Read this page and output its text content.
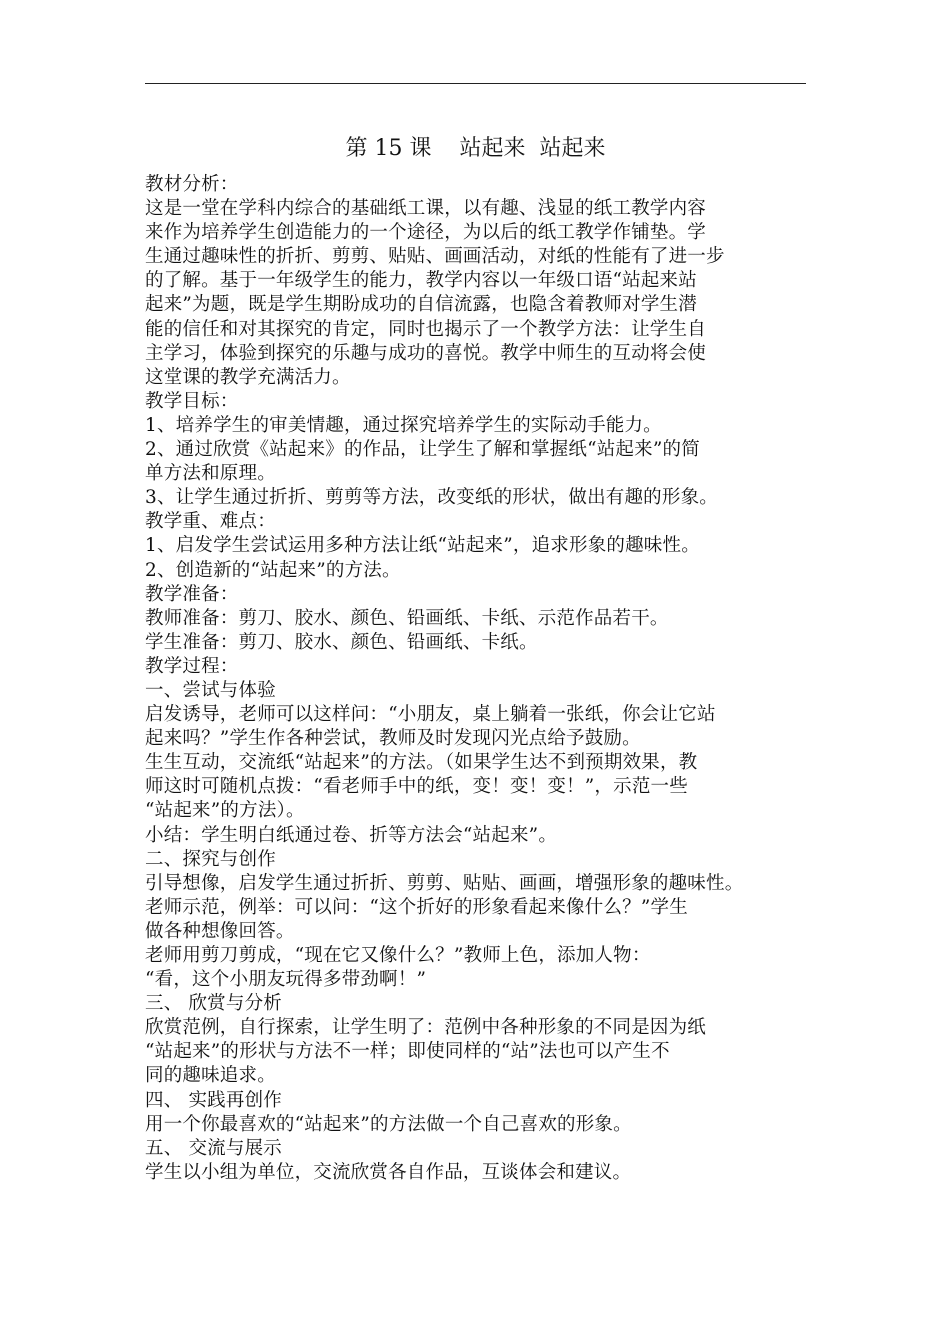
第 15 课    站起来  站起来
教材分析：
这是一堂在学科内综合的基础纸工课，以有趣、浅显的纸工教学内容
来作为培养学生创造能力的一个途径，为以后的纸工教学作铺垫。学
生通过趣味性的折折、剪剪、贴贴、画画活动，对纸的性能有了进一步
的了解。基于一年级学生的能力，教学内容以一年级口语“站起来站
起来”为题，既是学生期盼成功的自信流露，也隐含着教师对学生潜
能的信任和对其探究的肯定，同时也揭示了一个教学方法：让学生自
主学习，体验到探究的乐趣与成功的喜悦。教学中师生的互动将会使
这堂课的教学充满活力。
教学目标：
1、培养学生的审美情趣，通过探究培养学生的实际动手能力。
2、通过欣赏《站起来》的作品，让学生了解和掌握纸“站起来”的简
单方法和原理。
3、让学生通过折折、剪剪等方法，改变纸的形状，做出有趣的形象。
教学重、难点：
1、启发学生尝试运用多种方法让纸“站起来”，追求形象的趣味性。
2、创造新的“站起来”的方法。
教学准备：
教师准备：剪刀、胶水、颜色、铅画纸、卡纸、示范作品若干。
学生准备：剪刀、胶水、颜色、铅画纸、卡纸。
教学过程：
一、尝试与体验
启发诱导，老师可以这样问：“小朋友，桌上躺着一张纸，你会让它站
起来吗？”学生作各种尝试，教师及时发现闪光点给予鼓励。
生生互动，交流纸“站起来”的方法。（如果学生达不到预期效果，教
师这时可随机点拨：“看老师手中的纸，变！变！变！”，示范一些
“站起来”的方法）。
小结：学生明白纸通过卷、折等方法会“站起来”。
二、探究与创作
引导想像，启发学生通过折折、剪剪、贴贴、画画，增强形象的趣味性。
老师示范，例举：可以问：“这个折好的形象看起来像什么？”学生
做各种想像回答。
老师用剪刀剪成，“现在它又像什么？”教师上色，添加人物：
“看，这个小朋友玩得多带劲啊！”
三、 欣赏与分析
欣赏范例，自行探索，让学生明了：范例中各种形象的不同是因为纸
“站起来”的形状与方法不一样；即使同样的“站”法也可以产生不
同的趣味追求。
四、 实践再创作
用一个你最喜欢的“站起来”的方法做一个自己喜欢的形象。
五、 交流与展示
学生以小组为单位，交流欣赏各自作品，互谈体会和建议。
